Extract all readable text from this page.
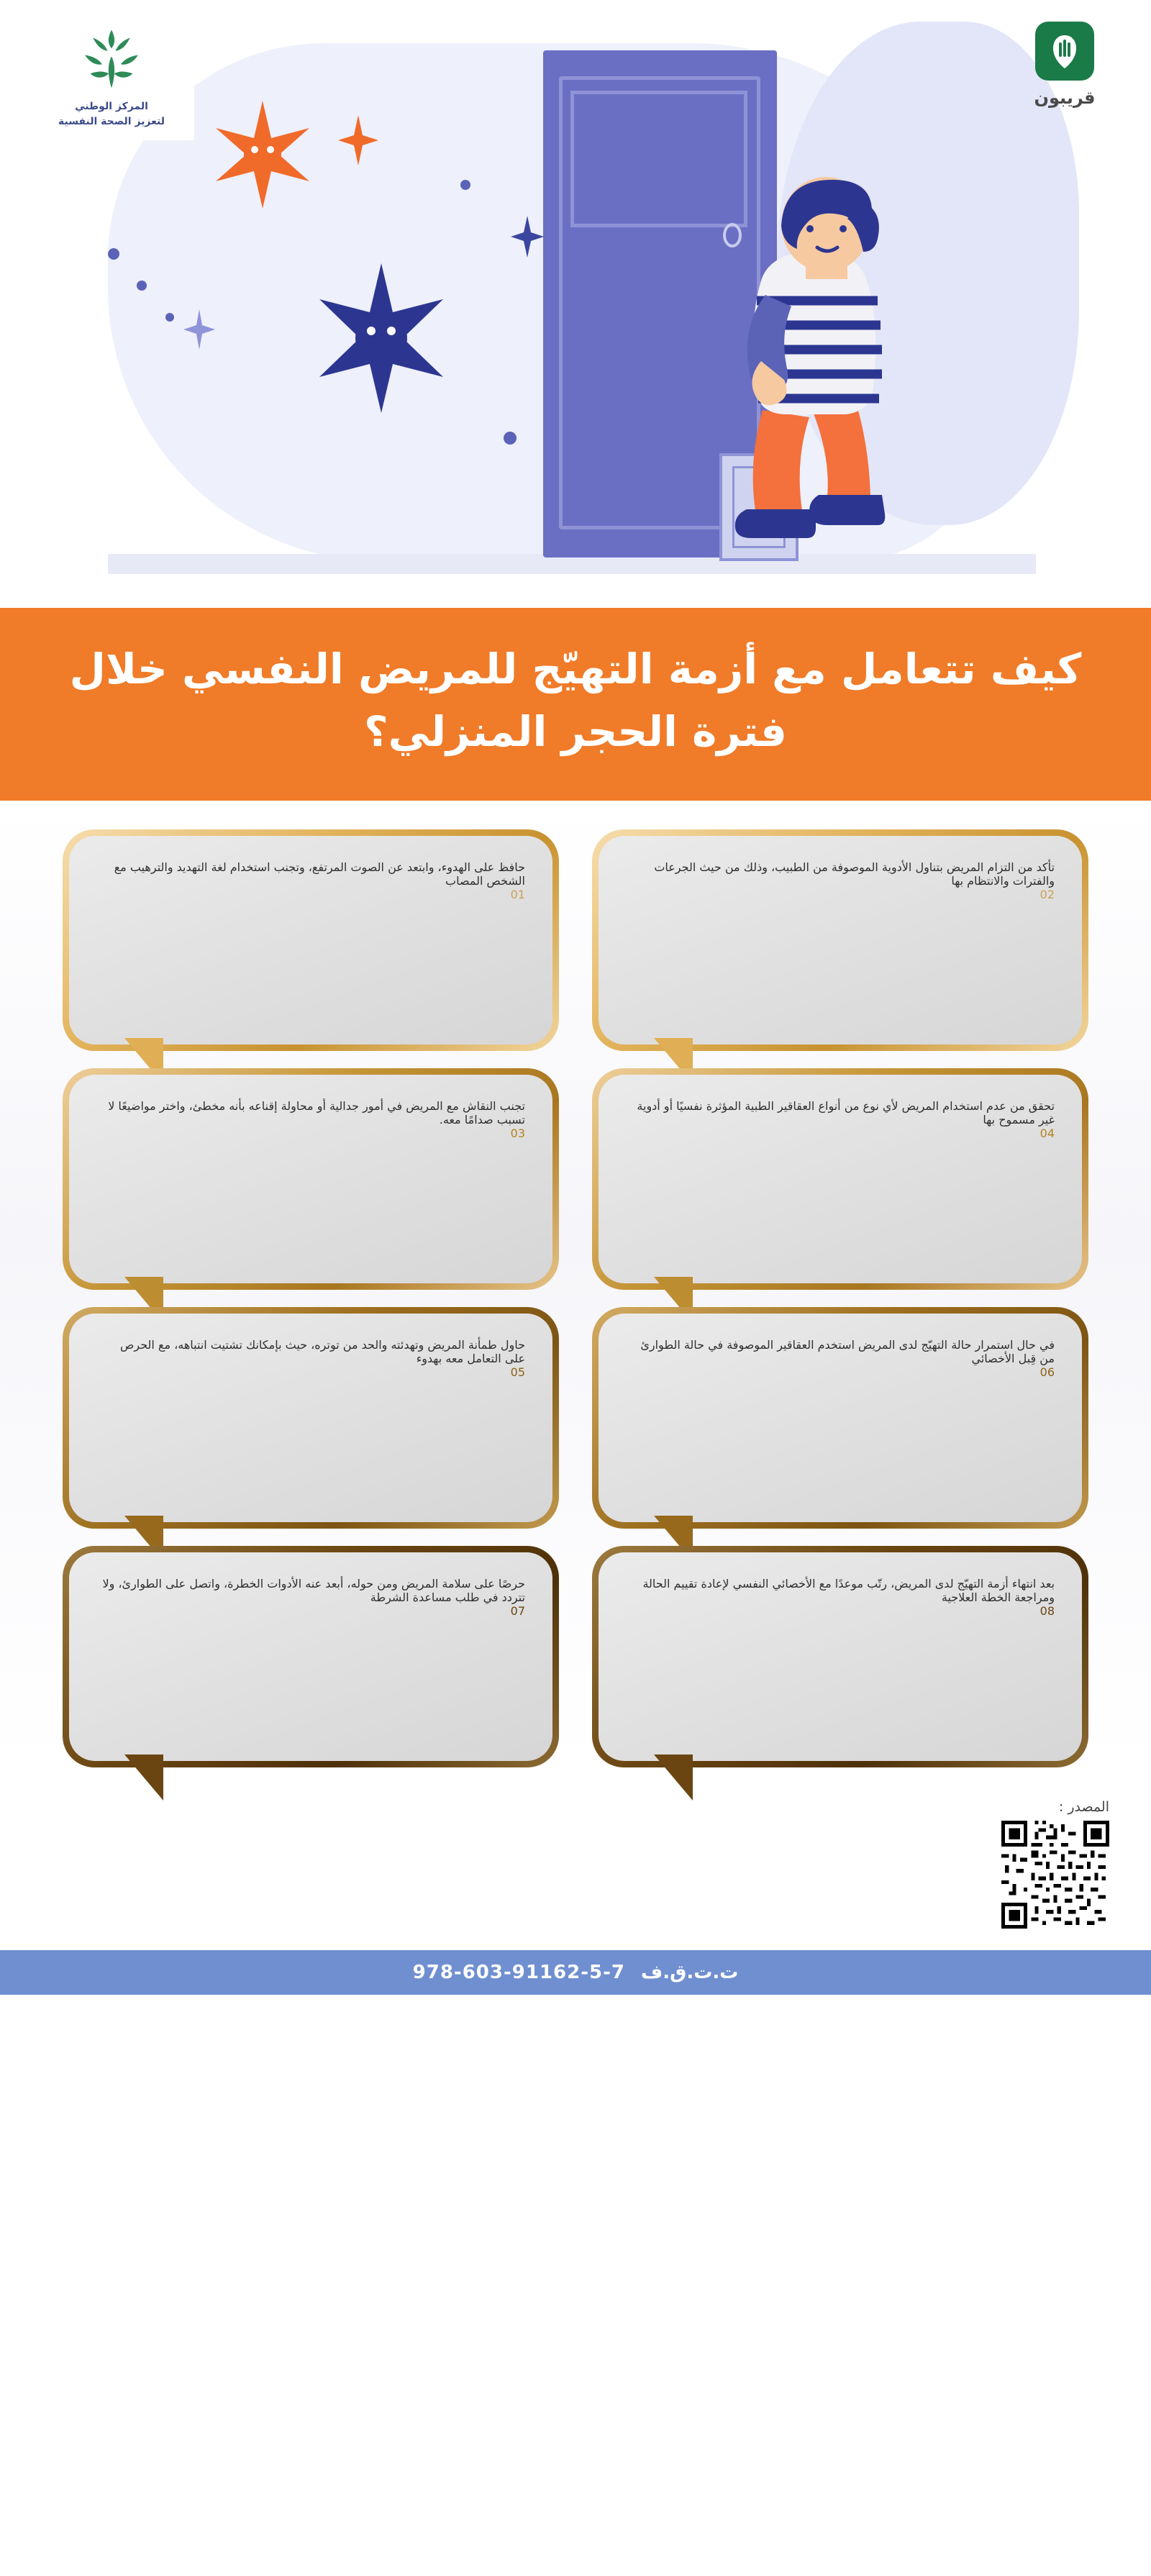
المركز الوطني
لتعزيز الصحة النفسية
قريبون
كيف تتعامل مع أزمة التهيّج للمريض النفسي خلال فترة الحجر المنزلي؟

تأكد من التزام المريض بتناول الأدوية الموصوفة من الطبيب، وذلك من حيث الجرعات والفترات والانتظام بها

02

حافظ على الهدوء، وابتعد عن الصوت المرتفع، وتجنب استخدام لغة التهديد والترهيب مع الشخص المصاب

01

تحقق من عدم استخدام المريض لأي نوع من أنواع العقاقير الطبية المؤثرة نفسيًا أو أدوية غير مسموح بها

04

تجنب النقاش مع المريض في أمور جدالية أو محاولة إقناعه بأنه مخطئ، واختر مواضيعًا لا تسبب صدامًا معه.

03

في حال استمرار حالة التهيّج لدى المريض استخدم العقاقير الموصوفة في حالة الطوارئ من قِبل الأخصائي

06

حاول طمأنة المريض وتهدئته والحد من توتره، حيث بإمكانك تشتيت انتباهه، مع الحرص على التعامل معه بهدوء

05

بعد انتهاء أزمة التهيّج لدى المريض، رتّب موعدًا مع الأخصائي النفسي لإعادة تقييم الحالة ومراجعة الخطة العلاجية

08

حرصًا على سلامة المريض ومن حوله، أبعد عنه الأدوات الخطرة، واتصل على الطوارئ، ولا تتردد في طلب مساعدة الشرطة

07
المصدر :
ت.ت.ق.ف
978-603-91162-5-7
